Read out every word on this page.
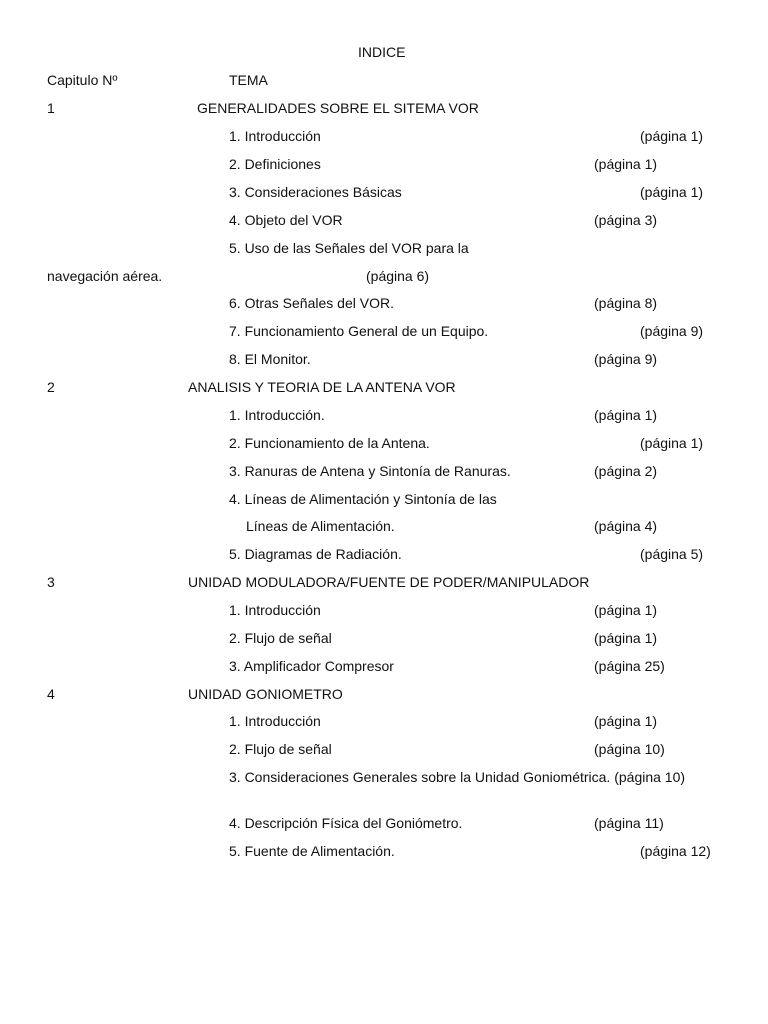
INDICE
Capitulo Nº	TEMA
1	GENERALIDADES SOBRE EL SITEMA VOR
1. Introducción	(página 1)
2. Definiciones	(página 1)
3. Consideraciones Básicas	(página 1)
4. Objeto del VOR	(página 3)
5. Uso de las Señales del VOR para la
navegación aérea.	(página 6)
6. Otras Señales del VOR.	(página 8)
7. Funcionamiento General de un Equipo.	(página 9)
8. El Monitor.	(página 9)
2	ANALISIS Y TEORIA DE LA ANTENA VOR
1. Introducción.	(página 1)
2. Funcionamiento de la Antena.	(página 1)
3. Ranuras de Antena y Sintonía de Ranuras.	(página 2)
4. Líneas de Alimentación y Sintonía de las
Líneas de Alimentación.	(página 4)
5. Diagramas de Radiación.	(página 5)
3	UNIDAD MODULADORA/FUENTE DE PODER/MANIPULADOR
1. Introducción	(página 1)
2. Flujo de señal	(página 1)
3. Amplificador Compresor	(página 25)
4	UNIDAD GONIOMETRO
1. Introducción	(página 1)
2. Flujo de señal	(página 10)
3. Consideraciones Generales sobre la Unidad Goniométrica. (página 10)
4. Descripción Física del Goniómetro.	(página 11)
5. Fuente de Alimentación.	(página 12)
